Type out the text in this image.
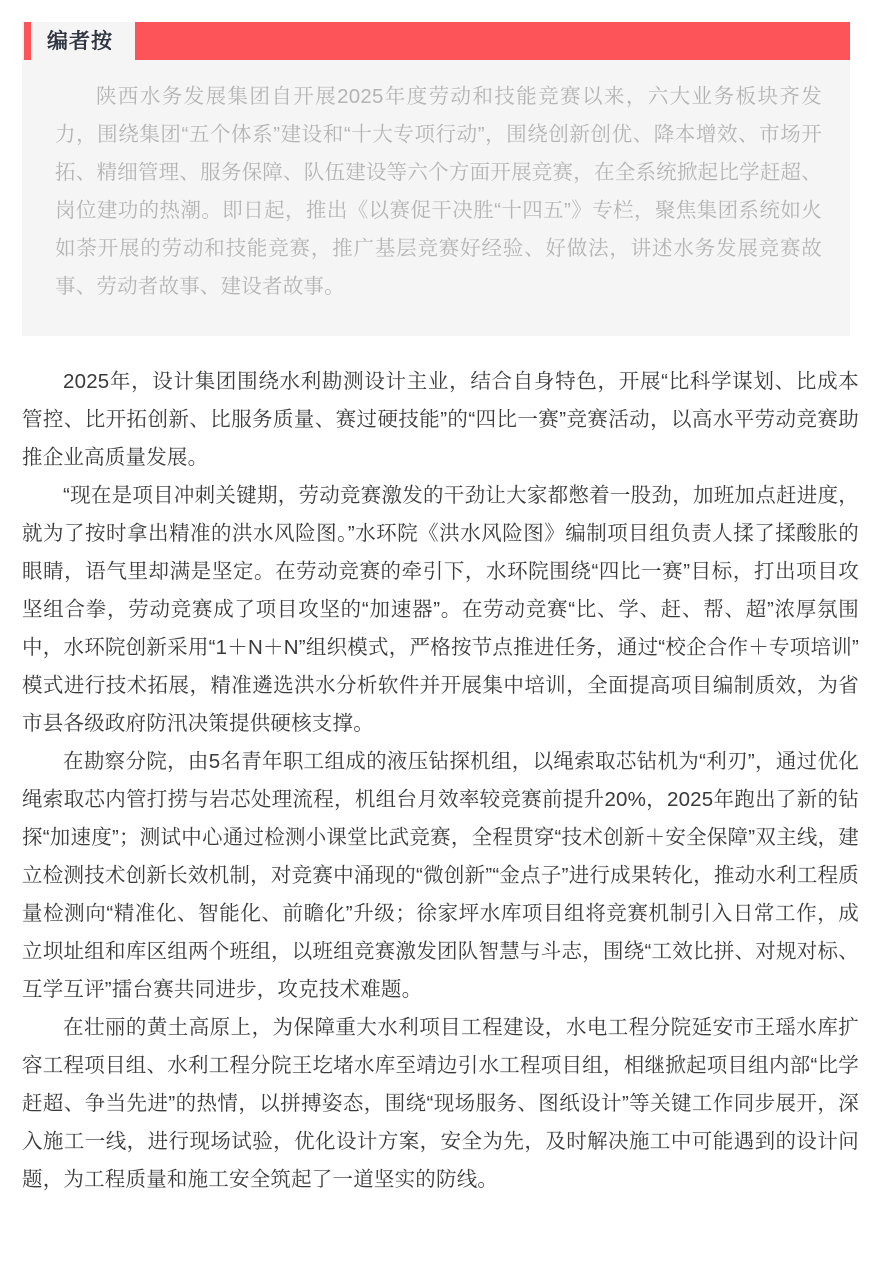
编者按

陕西水务发展集团自开展2025年度劳动和技能竞赛以来，六大业务板块齐发力，围绕集团“五个体系”建设和“十大专项行动”，围绕创新创优、降本增效、市场开拓、精细管理、服务保障、队伍建设等六个方面开展竞赛，在全系统掀起比学赶超、岗位建功的热潮。即日起，推出《以赛促干决胜“十四五”》专栏，聚焦集团系统如火如荼开展的劳动和技能竞赛，推广基层竞赛好经验、好做法，讲述水务发展竞赛故事、劳动者故事、建设者故事。

2025年，设计集团围绕水利勘测设计主业，结合自身特色，开展“比科学谋划、比成本管控、比开拓创新、比服务质量、赛过硬技能”的“四比一赛”竞赛活动，以高水平劳动竞赛助推企业高质量发展。

“现在是项目冲刺关键期，劳动竞赛激发的干劲让大家都憋着一股劲，加班加点赶进度，就为了按时拿出精准的洪水风险图。”水环院《洪水风险图》编制项目组负责人揉了揉酸胀的眼睛，语气里却满是坚定。在劳动竞赛的牵引下，水环院围绕“四比一赛”目标，打出项目攻坚组合拳，劳动竞赛成了项目攻坚的“加速器”。在劳动竞赛“比、学、赶、帮、超”浓厚氛围中，水环院创新采用“1＋N＋N”组织模式，严格按节点推进任务，通过“校企合作＋专项培训”模式进行技术拓展，精准遴选洪水分析软件并开展集中培训，全面提高项目编制质效，为省市县各级政府防汛决策提供硬核支撑。

在勘察分院，由5名青年职工组成的液压钻探机组，以绳索取芯钻机为“利刃”，通过优化绳索取芯内管打捞与岩芯处理流程，机组台月效率较竞赛前提升20%，2025年跑出了新的钻探“加速度”；测试中心通过检测小课堂比武竞赛，全程贯穿“技术创新＋安全保障”双主线，建立检测技术创新长效机制，对竞赛中涌现的“微创新”“金点子”进行成果转化，推动水利工程质量检测向“精准化、智能化、前瞻化”升级；徐家坪水库项目组将竞赛机制引入日常工作，成立坝址组和库区组两个班组，以班组竞赛激发团队智慧与斗志，围绕“工效比拼、对规对标、互学互评”擂台赛共同进步，攻克技术难题。

在壮丽的黄土高原上，为保障重大水利项目工程建设，水电工程分院延安市王瑶水库扩容工程项目组、水利工程分院王圪堵水库至靖边引水工程项目组，相继掀起项目组内部“比学赶超、争当先进”的热情，以拼搏姿态，围绕“现场服务、图纸设计”等关键工作同步展开，深入施工一线，进行现场试验，优化设计方案，安全为先，及时解决施工中可能遇到的设计问题，为工程质量和施工安全筑起了一道坚实的防线。
